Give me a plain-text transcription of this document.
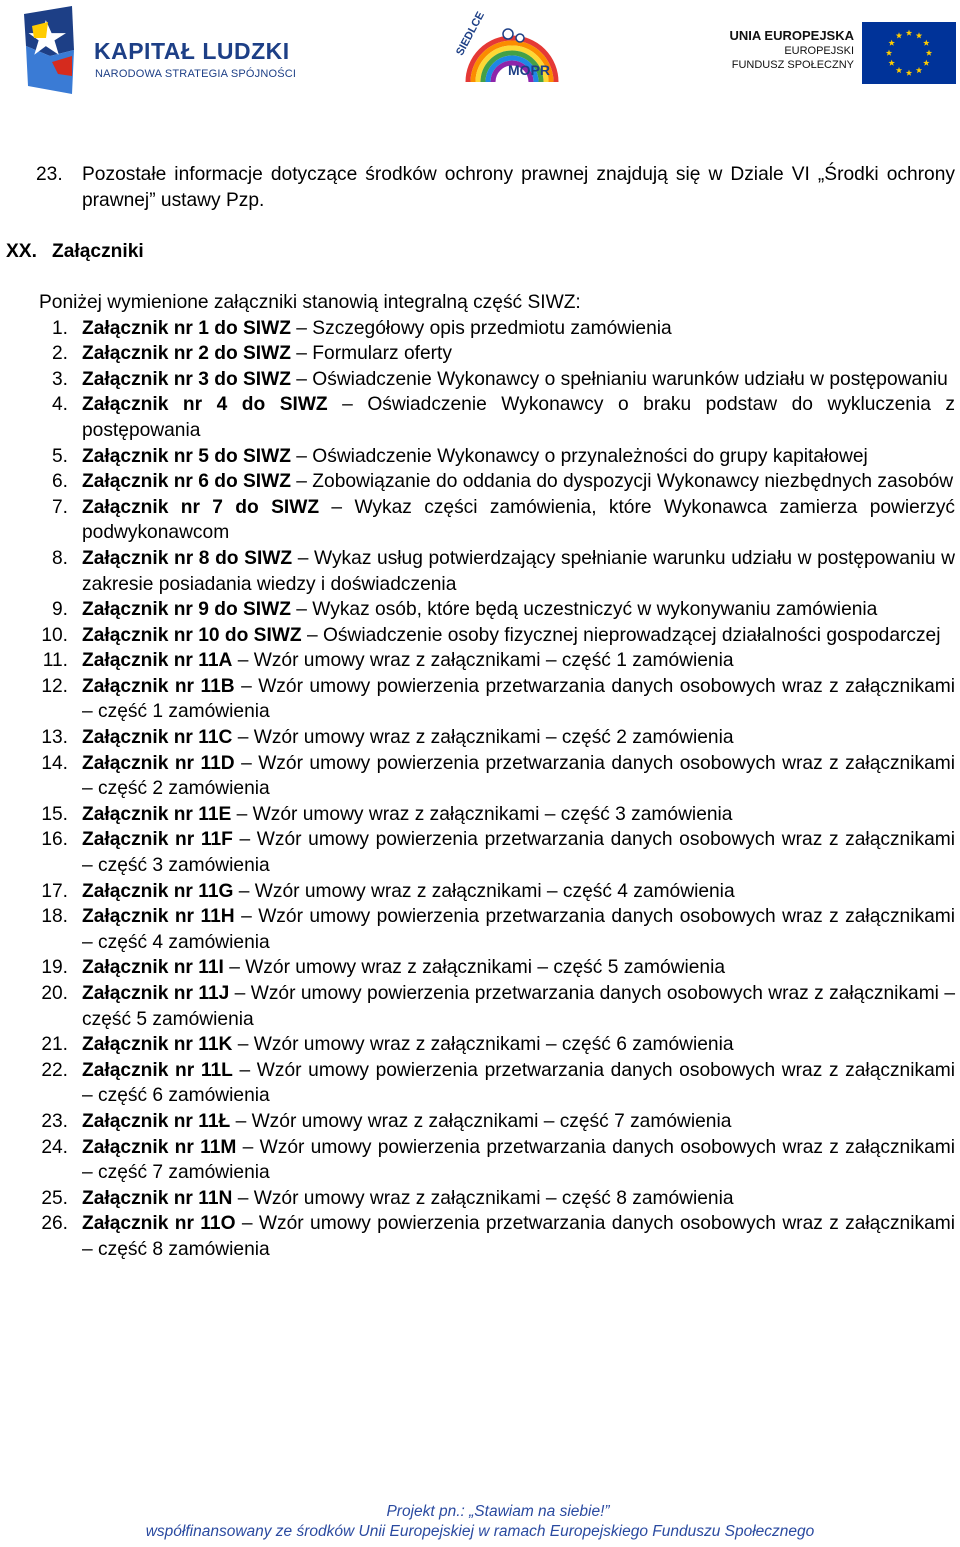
KAPITAŁ LUDZKI
NARODOWA STRATEGIA SPÓJNOŚCI
SIEDLCE
MOPR
UNIA EUROPEJSKA
EUROPEJSKI
FUNDUSZ SPOŁECZNY
23. Pozostałe informacje dotyczące środków ochrony prawnej znajdują się w Dziale VI „Środki ochrony prawnej” ustawy Pzp.
XX. Załączniki
Poniżej wymienione załączniki stanowią integralną część SIWZ:
1. Załącznik nr 1 do SIWZ – Szczegółowy opis przedmiotu zamówienia
2. Załącznik nr 2 do SIWZ – Formularz oferty
3. Załącznik nr 3 do SIWZ – Oświadczenie Wykonawcy o spełnianiu warunków udziału w postępowaniu
4. Załącznik nr 4 do SIWZ – Oświadczenie Wykonawcy o braku podstaw do wykluczenia z postępowania
5. Załącznik nr 5 do SIWZ – Oświadczenie Wykonawcy o przynależności do grupy kapitałowej
6. Załącznik nr 6 do SIWZ – Zobowiązanie do oddania do dyspozycji Wykonawcy niezbędnych zasobów
7. Załącznik nr 7 do SIWZ – Wykaz części zamówienia, które Wykonawca zamierza powierzyć podwykonawcom
8. Załącznik nr 8 do SIWZ – Wykaz usług potwierdzający spełnianie warunku udziału w postępowaniu w zakresie posiadania wiedzy i doświadczenia
9. Załącznik nr 9 do SIWZ – Wykaz osób, które będą uczestniczyć w wykonywaniu zamówienia
10. Załącznik nr 10 do SIWZ – Oświadczenie osoby fizycznej nieprowadzącej działalności gospodarczej
11. Załącznik nr 11A – Wzór umowy wraz z załącznikami – część 1 zamówienia
12. Załącznik nr 11B – Wzór umowy powierzenia przetwarzania danych osobowych wraz z załącznikami – część 1 zamówienia
13. Załącznik nr 11C – Wzór umowy wraz z załącznikami – część 2 zamówienia
14. Załącznik nr 11D – Wzór umowy powierzenia przetwarzania danych osobowych wraz z załącznikami – część 2 zamówienia
15. Załącznik nr 11E – Wzór umowy wraz z załącznikami – część 3 zamówienia
16. Załącznik nr 11F – Wzór umowy powierzenia przetwarzania danych osobowych wraz z załącznikami – część 3 zamówienia
17. Załącznik nr 11G – Wzór umowy wraz z załącznikami – część 4 zamówienia
18. Załącznik nr 11H – Wzór umowy powierzenia przetwarzania danych osobowych wraz z załącznikami – część 4 zamówienia
19. Załącznik nr 11I – Wzór umowy wraz z załącznikami – część 5 zamówienia
20. Załącznik nr 11J – Wzór umowy powierzenia przetwarzania danych osobowych wraz z załącznikami – część 5 zamówienia
21. Załącznik nr 11K – Wzór umowy wraz z załącznikami – część 6 zamówienia
22. Załącznik nr 11L – Wzór umowy powierzenia przetwarzania danych osobowych wraz z załącznikami – część 6 zamówienia
23. Załącznik nr 11Ł – Wzór umowy wraz z załącznikami – część 7 zamówienia
24. Załącznik nr 11M – Wzór umowy powierzenia przetwarzania danych osobowych wraz z załącznikami – część 7 zamówienia
25. Załącznik nr 11N – Wzór umowy wraz z załącznikami – część 8 zamówienia
26. Załącznik nr 11O – Wzór umowy powierzenia przetwarzania danych osobowych wraz z załącznikami – część 8 zamówienia
Projekt pn.: „Stawiam na siebie!”
współfinansowany ze środków Unii Europejskiej w ramach Europejskiego Funduszu Społecznego
